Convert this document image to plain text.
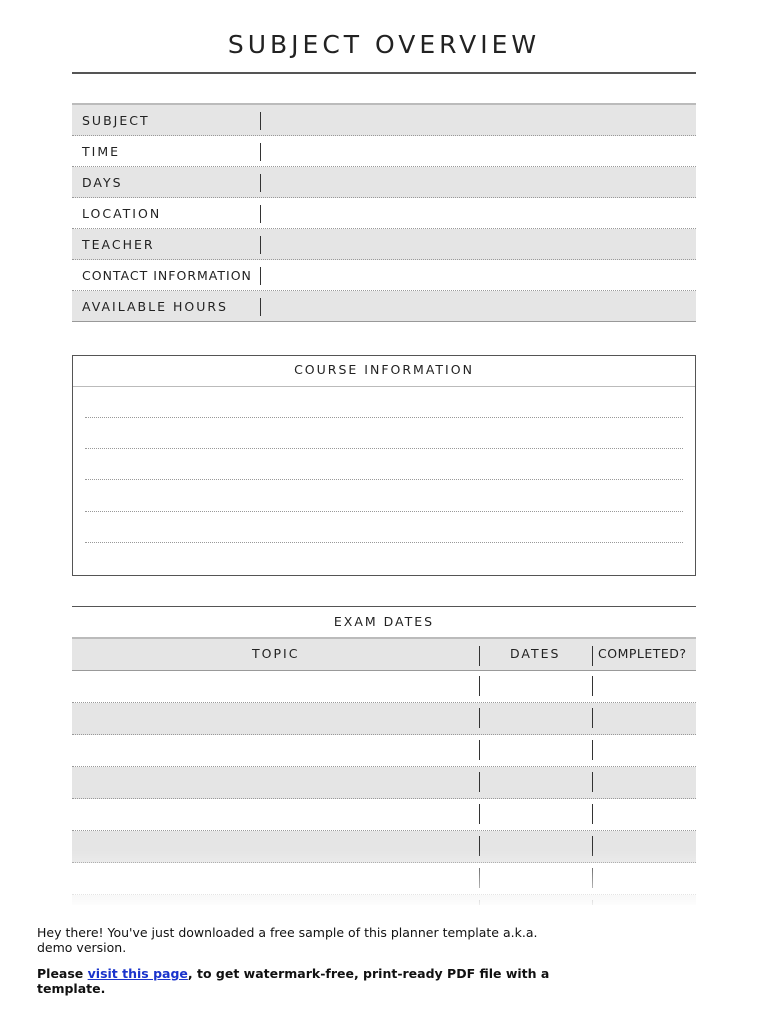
SUBJECT OVERVIEW
SUBJECT
TIME
DAYS
LOCATION
TEACHER
CONTACT INFORMATION
AVAILABLE HOURS
COURSE INFORMATION
EXAM DATES
TOPIC	DATES	COMPLETED?
Hey there! You've just downloaded a free sample of this planner template a.k.a. demo version.
Please visit this page, to get watermark-free, print-ready PDF file with a template.
